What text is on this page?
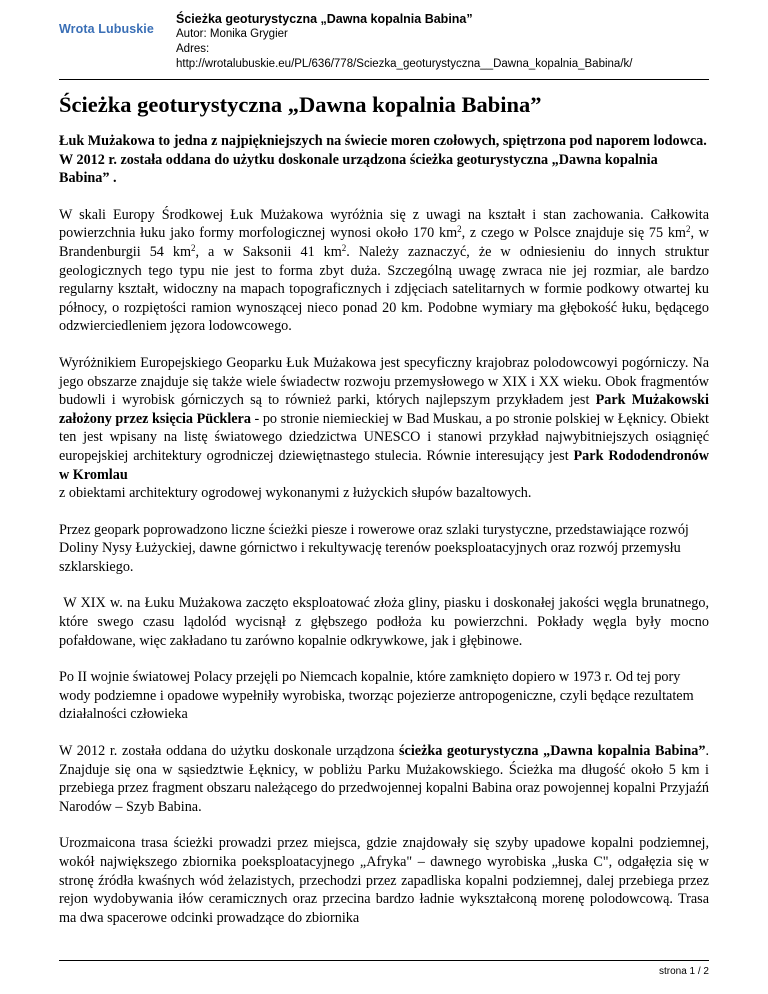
Wrota Lubuskie
Ścieżka geoturystyczna „Dawna kopalnia Babina”
Autor: Monika Grygier
Adres:
http://wrotalubuskie.eu/PL/636/778/Sciezka_geoturystyczna__Dawna_kopalnia_Babina/k/
Ścieżka geoturystyczna „Dawna kopalnia Babina”

Łuk Mużakowa to jedna z najpiękniejszych na świecie moren czołowych, spiętrzona pod naporem lodowca. W 2012 r. została oddana do użytku doskonale urządzona ścieżka geoturystyczna „Dawna kopalnia Babina” .

W skali Europy Środkowej Łuk Mużakowa wyróżnia się z uwagi na kształt i stan zachowania. Całkowita powierzchnia łuku jako formy morfologicznej wynosi około 170 $km^2$, z czego w Polsce znajduje się 75 $km^2$, w Brandenburgii 54 $km^2$, a w Saksonii 41 $km^2$. Należy zaznaczyć, że w odniesieniu do innych struktur geologicznych tego typu nie jest to forma zbyt duża. Szczególną uwagę zwraca nie jej rozmiar, ale bardzo regularny kształt, widoczny na mapach topograficznych i zdjęciach satelitarnych w formie podkowy otwartej ku północy, o rozpiętości ramion wynoszącej nieco ponad 20 km. Podobne wymiary ma głębokość łuku, będącego odzwierciedleniem jęzora lodowcowego.

Wyróżnikiem Europejskiego Geoparku Łuk Mużakowa jest specyficzny krajobraz polodowcowyi pogórniczy. Na jego obszarze znajduje się także wiele świadectw rozwoju przemysłowego w XIX i XX wieku. Obok fragmentów budowli i wyrobisk górniczych są to również parki, których najlepszym przykładem jest Park Mużakowski założony przez księcia Pücklera - po stronie niemieckiej w Bad Muskau, a po stronie polskiej w Łęknicy. Obiekt ten jest wpisany na listę światowego dziedzictwa UNESCO i stanowi przykład najwybitniejszych osiągnięć europejskiej architektury ogrodniczej dziewiętnastego stulecia. Równie interesujący jest Park Rododendronów w Kromlau
z obiektami architektury ogrodowej wykonanymi z łużyckich słupów bazaltowych.

Przez geopark poprowadzono liczne ścieżki piesze i rowerowe oraz szlaki turystyczne, przedstawiające rozwój Doliny Nysy Łużyckiej, dawne górnictwo i rekultywację terenów poeksploatacyjnych oraz rozwój przemysłu szklarskiego.

W XIX w. na Łuku Mużakowa zaczęto eksploatować złoża gliny, piasku i doskonałej jakości węgla brunatnego, które swego czasu lądolód wycisnął z głębszego podłoża ku powierzchni. Pokłady węgla były mocno pofałdowane, więc zakładano tu zarówno kopalnie odkrywkowe, jak i głębinowe.

Po II wojnie światowej Polacy przejęli po Niemcach kopalnie, które zamknięto dopiero w 1973 r. Od tej pory wody podziemne i opadowe wypełniły wyrobiska, tworząc pojezierze antropogeniczne, czyli będące rezultatem działalności człowieka

W 2012 r. została oddana do użytku doskonale urządzona ścieżka geoturystyczna „Dawna kopalnia Babina”. Znajduje się ona w sąsiedztwie Łęknicy, w pobliżu Parku Mużakowskiego. Ścieżka ma długość około 5 km i przebiega przez fragment obszaru należącego do przedwojennej kopalni Babina oraz powojennej kopalni Przyjaźń Narodów – Szyb Babina.

Urozmaicona trasa ścieżki prowadzi przez miejsca, gdzie znajdowały się szyby upadowe kopalni podziemnej, wokół największego zbiornika poeksploatacyjnego „Afryka" – dawnego wyrobiska „łuska C", odgałęzia się w stronę źródła kwaśnych wód żelazistych, przechodzi przez zapadliska kopalni podziemnej, dalej przebiega przez rejon wydobywania iłów ceramicznych oraz przecina bardzo ładnie wykształconą morenę polodowcową. Trasa ma dwa spacerowe odcinki prowadzące do zbiornika

strona 1 / 2
